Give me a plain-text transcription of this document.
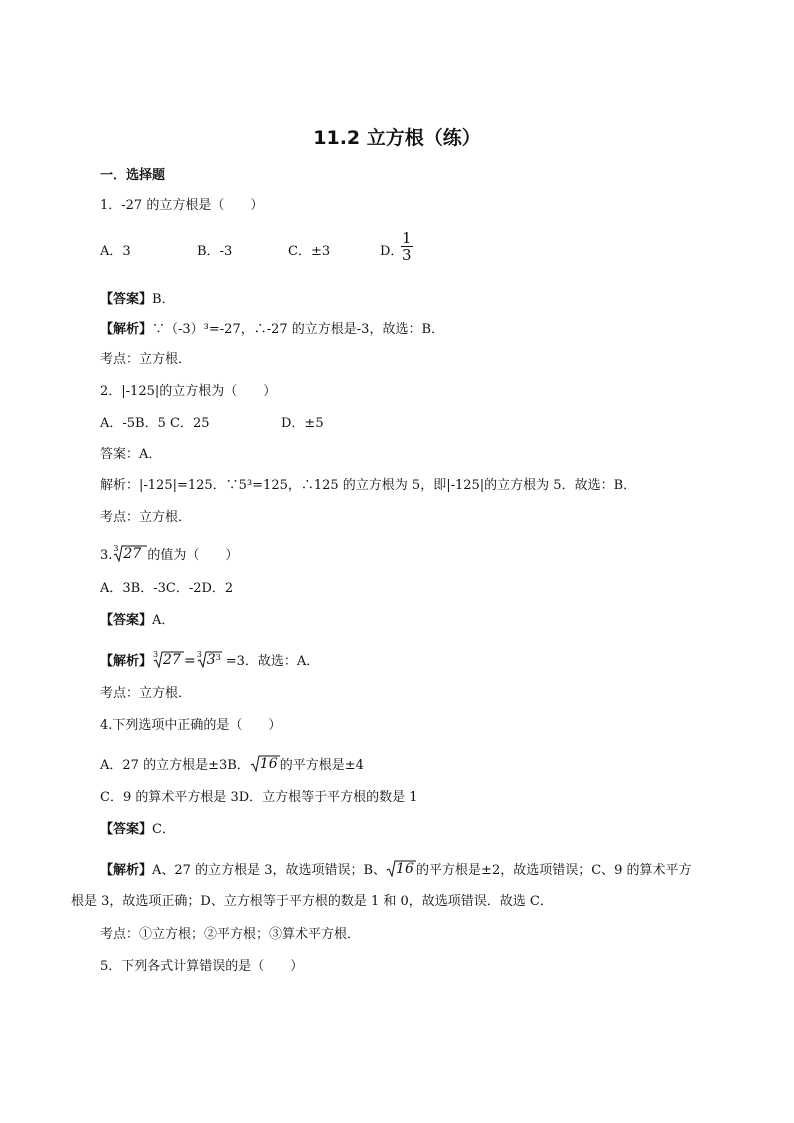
11.2 立方根（练）
一．选择题
1．-27 的立方根是（　　）
A．3	B．-3	C．±3	D．
$\frac{1}{3}$
【答案】B．
【解析】∵（-3）³=-27，∴-27 的立方根是-3，故选：B．
考点：立方根．
2．|-125|的立方根为（　　）
A．-5B．5 C．25	D．±5
答案：A．
解析：|-125|=125．∵5³=125，∴125 的立方根为 5，即|-125|的立方根为 5．故选：B．
考点：立方根．
3. 3 27 的值为（　　）
A．3B．-3C．-2D．2
【答案】A．
【解析】 3 27 = 3 3 3 =3．故选：A．
考点：立方根．
4.下列选项中正确的是（　　）
A．27 的立方根是±3B． 16 的平方根是±4
C．9 的算术平方根是 3D．立方根等于平方根的数是 1
【答案】C．
【解析】A、27 的立方根是 3，故选项错误；B、 16 的平方根是±2，故选项错误；C、9 的算术平方
根是 3，故选项正确；D、立方根等于平方根的数是 1 和 0，故选项错误．故选 C．
考点：①立方根；②平方根；③算术平方根．
5．下列各式计算错误的是（　　）
